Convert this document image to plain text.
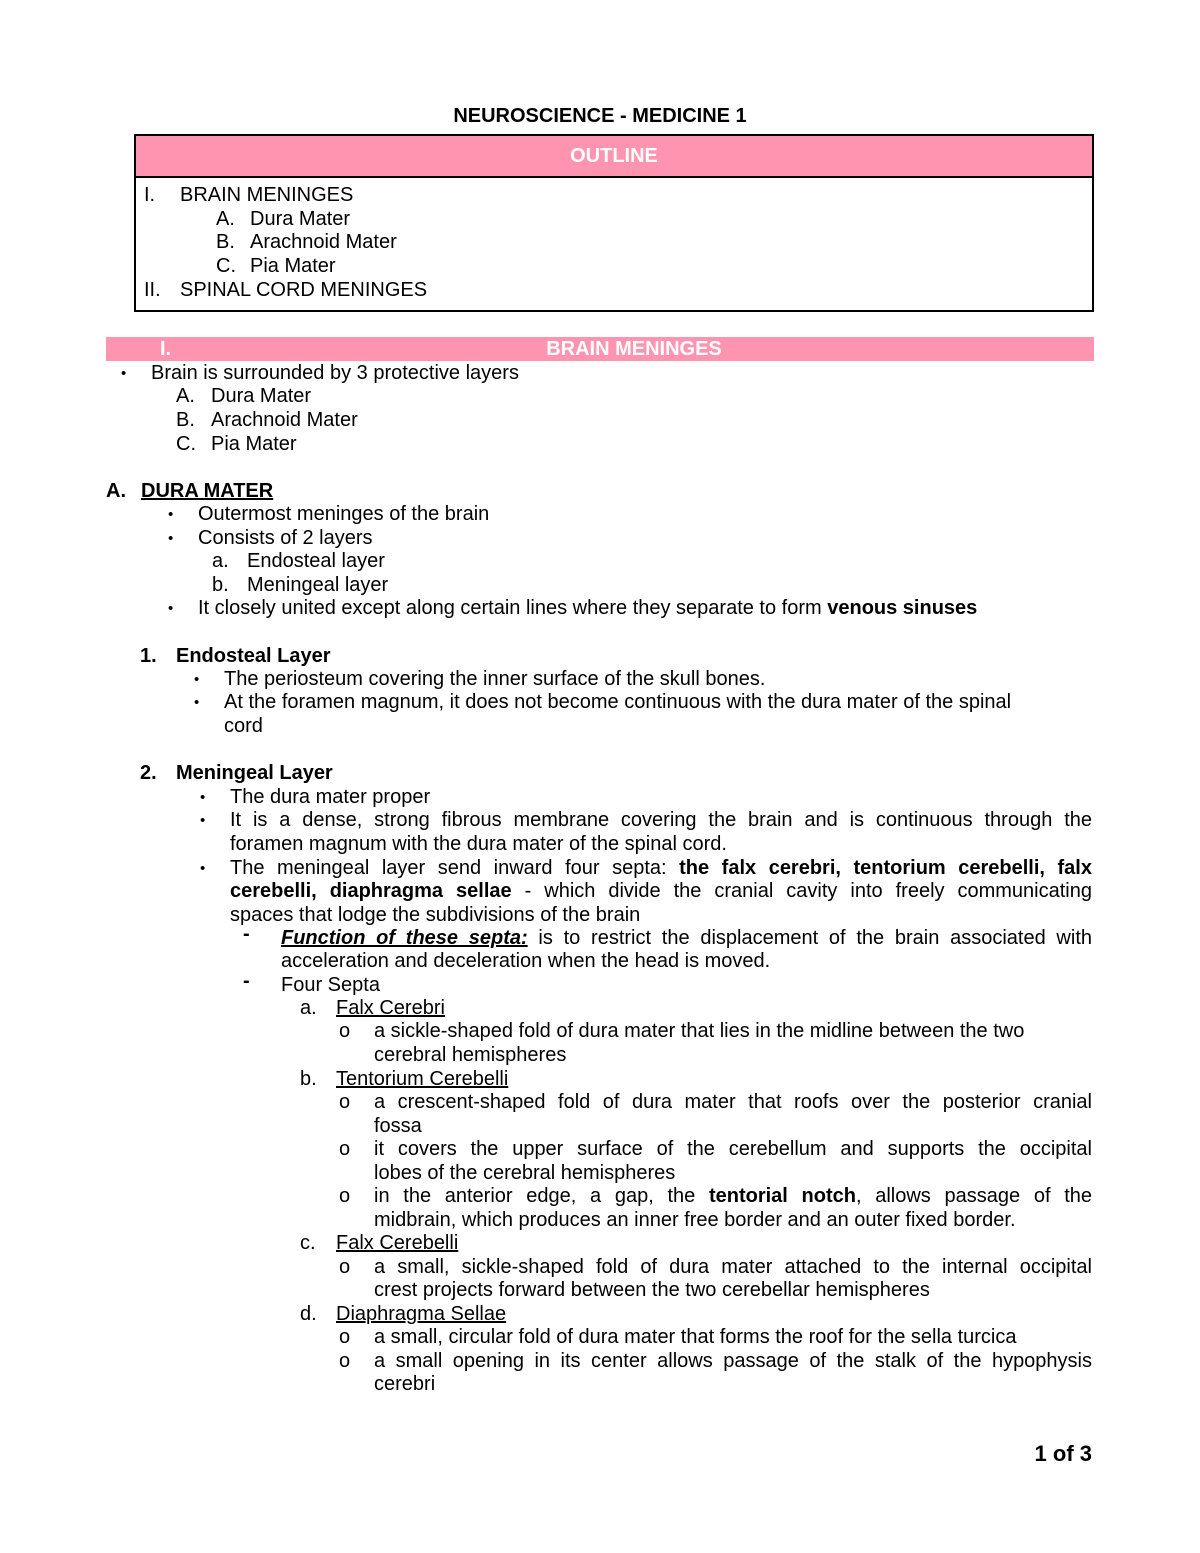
NEUROSCIENCE - MEDICINE 1
OUTLINE
I. BRAIN MENINGES
A. Dura Mater
B. Arachnoid Mater
C. Pia Mater
II. SPINAL CORD MENINGES
I.	BRAIN MENINGES
• Brain is surrounded by 3 protective layers
A. Dura Mater
B. Arachnoid Mater
C. Pia Mater
A. DURA MATER
• Outermost meninges of the brain
• Consists of 2 layers
a. Endosteal layer
b. Meningeal layer
• It closely united except along certain lines where they separate to form venous sinuses
1. Endosteal Layer
• The periosteum covering the inner surface of the skull bones.
• At the foramen magnum, it does not become continuous with the dura mater of the spinal
cord
2. Meningeal Layer
• The dura mater proper
• It is a dense, strong fibrous membrane covering the brain and is continuous through the
foramen magnum with the dura mater of the spinal cord.
• The meningeal layer send inward four septa: the falx cerebri, tentorium cerebelli, falx
cerebelli, diaphragma sellae - which divide the cranial cavity into freely communicating
spaces that lodge the subdivisions of the brain
- Function of these septa: is to restrict the displacement of the brain associated with
acceleration and deceleration when the head is moved.
- Four Septa
a. Falx Cerebri
o a sickle-shaped fold of dura mater that lies in the midline between the two
cerebral hemispheres
b. Tentorium Cerebelli
o a crescent-shaped fold of dura mater that roofs over the posterior cranial
fossa
o it covers the upper surface of the cerebellum and supports the occipital
lobes of the cerebral hemispheres
o in the anterior edge, a gap, the tentorial notch, allows passage of the
midbrain, which produces an inner free border and an outer fixed border.
c. Falx Cerebelli
o a small, sickle-shaped fold of dura mater attached to the internal occipital
crest projects forward between the two cerebellar hemispheres
d. Diaphragma Sellae
o a small, circular fold of dura mater that forms the roof for the sella turcica
o a small opening in its center allows passage of the stalk of the hypophysis
cerebri
1 of 3
